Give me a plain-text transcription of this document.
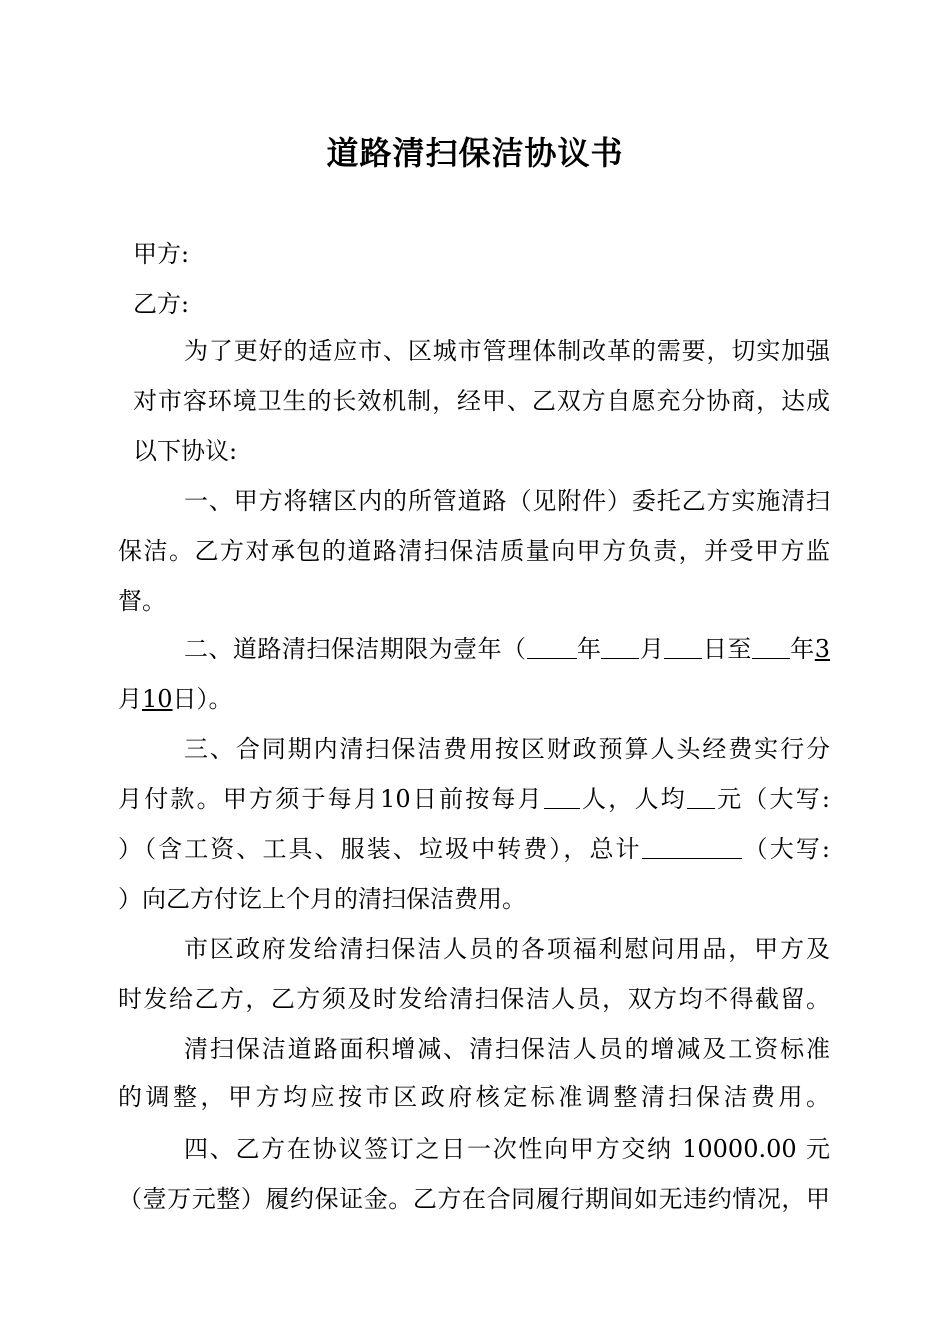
道路清扫保洁协议书
甲方:
乙方:
为了更好的适应市、区城市管理体制改革的需要，切实加强
对市容环境卫生的长效机制，经甲、乙双方自愿充分协商，达成
以下协议:
一、甲方将辖区内的所管道路（见附件）委托乙方实施清扫
保洁。乙方对承包的道路清扫保洁质量向甲方负责，并受甲方监
督。
二、道路清扫保洁期限为壹年（ 年 月 日至 年3
月10日）。
三、合同期内清扫保洁费用按区财政预算人头经费实行分
月付款。甲方须于每月10日前按每月 人，人均 元（大写:
）（含工资、工具、服装、垃圾中转费），总计	（大写:
）向乙方付讫上个月的清扫保洁费用。
市区政府发给清扫保洁人员的各项福利慰问用品，甲方及
时发给乙方，乙方须及时发给清扫保洁人员，双方均不得截留。
清扫保洁道路面积增减、清扫保洁人员的增减及工资标准
的调整，甲方均应按市区政府核定标准调整清扫保洁费用。
四、乙方在协议签订之日一次性向甲方交纳 10000.00 元
（壹万元整）履约保证金。乙方在合同履行期间如无违约情况，甲
